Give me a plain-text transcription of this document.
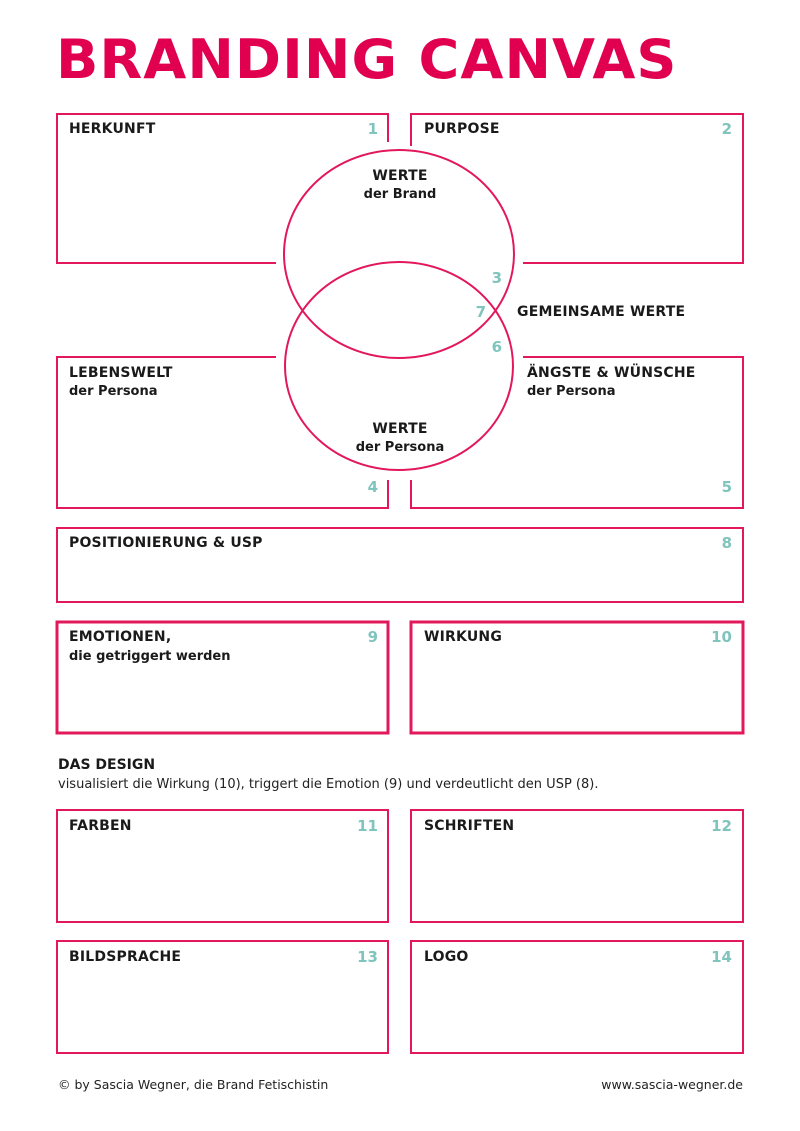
BRANDING CANVAS
HERKUNFT	1	PURPOSE	2
WERTE
der Brand
3
7 GEMEINSAME WERTE
6
WERTE
der Persona
LEBENSWELT
der Persona
4
ÄNGSTE & WÜNSCHE
der Persona
5
POSITIONIERUNG & USP	8
EMOTIONEN,
die getriggert werden
9	WIRKUNG	10
DAS DESIGN
visualisiert die Wirkung (10), triggert die Emotion (9) und verdeutlicht den USP (8).
FARBEN	11	SCHRIFTEN	12
BILDSPRACHE	13	LOGO	14
© by Sascia Wegner, die Brand Fetischistin	www.sascia-wegner.de
